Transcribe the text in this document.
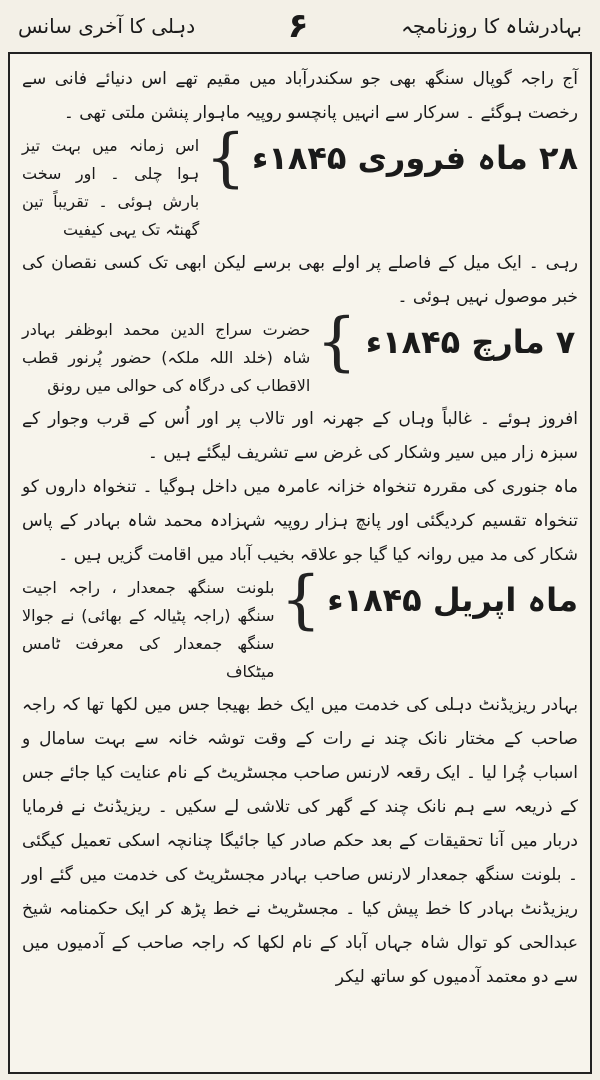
بہادرشاہ کا روزنامچہ
۶
دہلی کا آخری سانس

آج راجہ گوپال سنگھ بھی جو سکندرآباد میں مقیم تھے اس دنیائے فانی سے رخصت ہوگئے ۔ سرکار سے انہیں پانچسو روپیہ ماہوار پنشن ملتی تھی ۔

۲۸ ماہ فروری ۱۸۴۵ء
}
اس زمانہ میں بہت تیز ہوا چلی ۔ اور سخت بارش ہوئی ۔ تقریباً تین گھنٹہ تک یہی کیفیت

رہی ۔ ایک میل کے فاصلے پر اولے بھی برسے لیکن ابھی تک کسی نقصان کی خبر موصول نہیں ہوئی ۔

۷ مارچ ۱۸۴۵ء
}
حضرت سراج الدین محمد ابوظفر بہادر شاہ (خلد اللہ ملکہ) حضور پُرنور قطب الاقطاب کی درگاہ کی حوالی میں رونق

افروز ہوئے ۔ غالباً وہاں کے جھرنہ اور تالاب پر اور اُس کے قرب وجوار کے سبزہ زار میں سیر وشکار کی غرض سے تشریف لیگئے ہیں ۔

ماہ جنوری کی مقررہ تنخواہ خزانہ عامرہ میں داخل ہوگیا ۔ تنخواہ داروں کو تنخواہ تقسیم کردیگئی اور پانچ ہزار روپیہ شہزادہ محمد شاہ بہادر کے پاس شکار کی مد میں روانہ کیا گیا جو علاقہ بخیب آباد میں اقامت گزیں ہیں ۔

ماہ اپریل ۱۸۴۵ء
}
بلونت سنگھ جمعدار ، راجہ اجیت سنگھ (راجہ پٹیالہ کے بھائی) نے جوالا سنگھ جمعدار کی معرفت ٹامس میٹکاف

بہادر ریزیڈنٹ دہلی کی خدمت میں ایک خط بھیجا جس میں لکھا تھا کہ راجہ صاحب کے مختار نانک چند نے رات کے وقت توشہ خانہ سے بہت سامال و اسباب چُرا لیا ۔ ایک رقعہ لارنس صاحب مجسٹریٹ کے نام عنایت کیا جائے جس کے ذریعہ سے ہم نانک چند کے گھر کی تلاشی لے سکیں ۔ ریزیڈنٹ نے فرمایا دربار میں آنا تحقیقات کے بعد حکم صادر کیا جائیگا چنانچہ اسکی تعمیل کیگئی ۔ بلونت سنگھ جمعدار لارنس صاحب بہادر مجسٹریٹ کی خدمت میں گئے اور ریزیڈنٹ بہادر کا خط پیش کیا ۔ مجسٹریٹ نے خط پڑھ کر ایک حکمنامہ شیخ عبدالحی کو توال شاہ جہاں آباد کے نام لکھا کہ راجہ صاحب کے آدمیوں میں سے دو معتمد آدمیوں کو ساتھ لیکر
